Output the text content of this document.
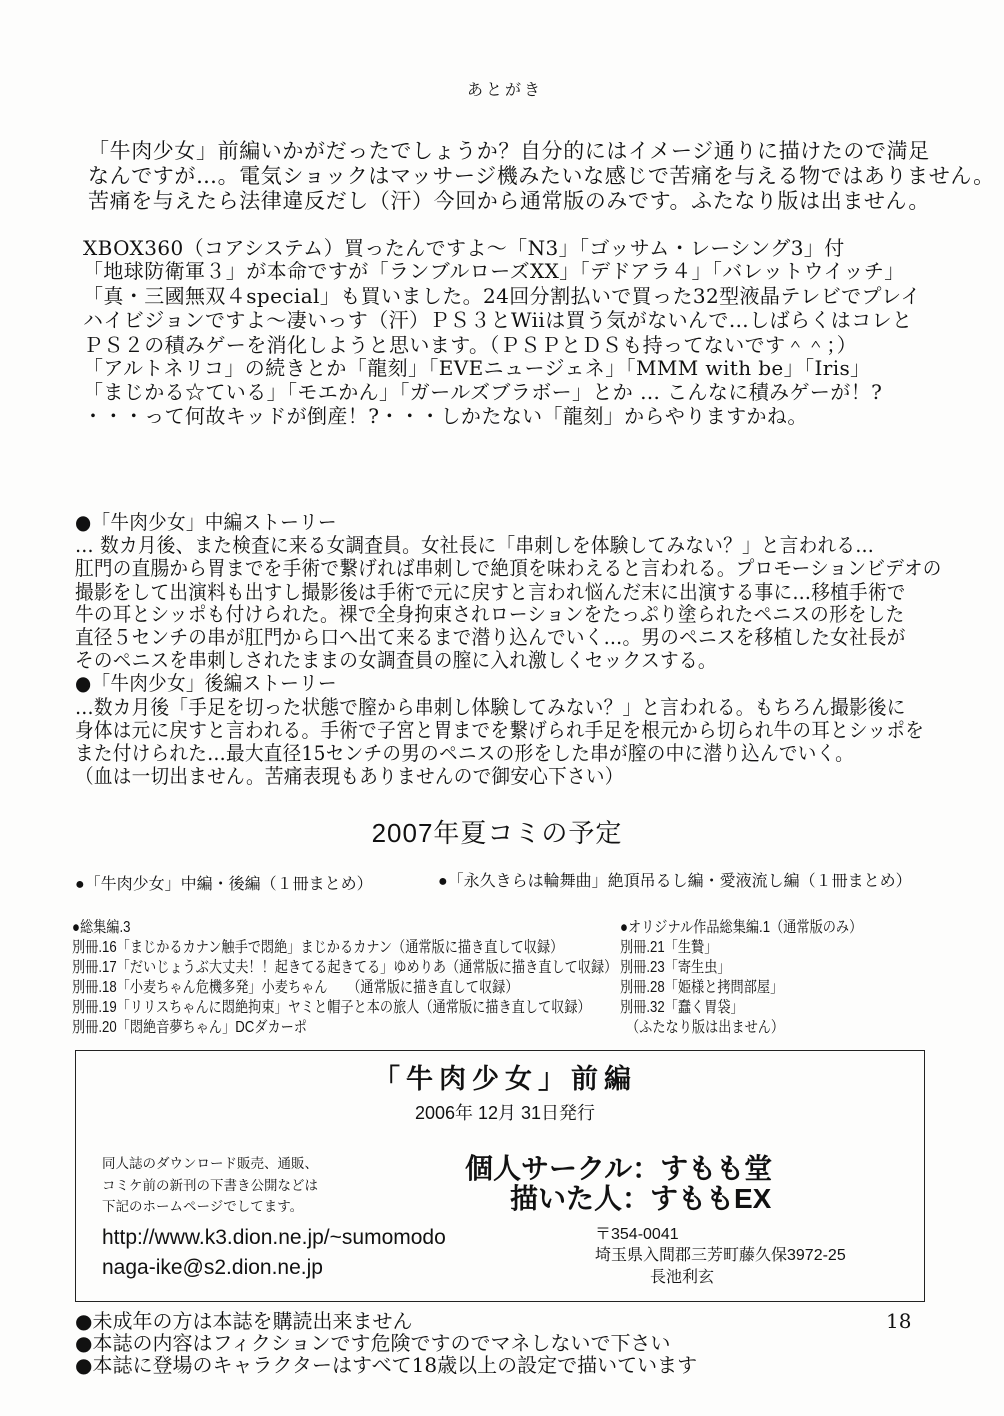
あとがき
「牛肉少女」前編いかがだったでしょうか？自分的にはイメージ通りに描けたので満足
なんですが…。電気ショックはマッサージ機みたいな感じで苦痛を与える物ではありません。
苦痛を与えたら法律違反だし（汗）今回から通常版のみです。ふたなり版は出ません。
XBOX360（コアシステム）買ったんですよ～「N3」「ゴッサム・レーシング3」付
「地球防衛軍３」が本命ですが「ランブルローズXX」「デドアラ４」「バレットウイッチ」
「真・三國無双４special」も買いました。24回分割払いで買った32型液晶テレビでプレイ
ハイビジョンですよ～凄いっす（汗）ＰＳ３とWiiは買う気がないんで…しばらくはコレと
ＰＳ２の積みゲーを消化しようと思います。（ＰＳＰとＤＳも持ってないです＾＾；）
「アルトネリコ」の続きとか「龍刻」「EVEニュージェネ」「MMM with be」「Iris」
「まじかる☆ている」「モエかん」「ガールズブラボー」とか … こんなに積みゲーが！?
・・・って何故キッドが倒産！?・・・しかたない「龍刻」からやりますかね。
●「牛肉少女」中編ストーリー
… 数カ月後、また検査に来る女調査員。女社長に「串刺しを体験してみない？」と言われる…
肛門の直腸から胃までを手術で繋げれば串刺しで絶頂を味わえると言われる。プロモーションビデオの
撮影をして出演料も出すし撮影後は手術で元に戻すと言われ悩んだ末に出演する事に…移植手術で
牛の耳とシッポも付けられた。裸で全身拘束されローションをたっぷり塗られたペニスの形をした
直径５センチの串が肛門から口へ出て来るまで潜り込んでいく…。男のペニスを移植した女社長が
そのペニスを串刺しされたままの女調査員の膣に入れ激しくセックスする。
●「牛肉少女」後編ストーリー
…数カ月後「手足を切った状態で膣から串刺し体験してみない？」と言われる。もちろん撮影後に
身体は元に戻すと言われる。手術で子宮と胃までを繋げられ手足を根元から切られ牛の耳とシッポを
また付けられた…最大直径15センチの男のペニスの形をした串が膣の中に潜り込んでいく。
（血は一切出ません。苦痛表現もありませんので御安心下さい）
2007年夏コミの予定
●「牛肉少女」中編・後編（１冊まとめ）	●「永久きらは輪舞曲」絶頂吊るし編・愛液流し編（１冊まとめ）
●総集編.3
別冊.16「まじかるカナン触手で悶絶」まじかるカナン（通常版に描き直して収録）
別冊.17「だいじょうぶ大丈夫！！起きてる起きてる」ゆめりあ（通常版に描き直して収録）
別冊.18「小麦ちゃん危機多発」小麦ちゃん　　（通常版に描き直して収録）
別冊.19「リリスちゃんに悶絶拘束」ヤミと帽子と本の旅人（通常版に描き直して収録）
別冊.20「悶絶音夢ちゃん」DCダカーポ
●オリジナル作品総集編.1（通常版のみ）
別冊.21「生贄」
別冊.23「寄生虫」
別冊.28「姫様と拷問部屋」
別冊.32「蠢く胃袋」
（ふたなり版は出ません）
「牛肉少女」前編
2006年 12月 31日発行
同人誌のダウンロード販売、通販、
コミケ前の新刊の下書き公開などは
下記のホームページでしてます。
個人サークル：すもも堂
描いた人：すももEX
http://www.k3.dion.ne.jp/~sumomodo
naga-ike@s2.dion.ne.jp
〒354‐0041
埼玉県入間郡三芳町藤久保3972-25
長池利玄
●未成年の方は本誌を購読出来ません
●本誌の内容はフィクションです危険ですのでマネしないで下さい
●本誌に登場のキャラクターはすべて18歳以上の設定で描いています
18
